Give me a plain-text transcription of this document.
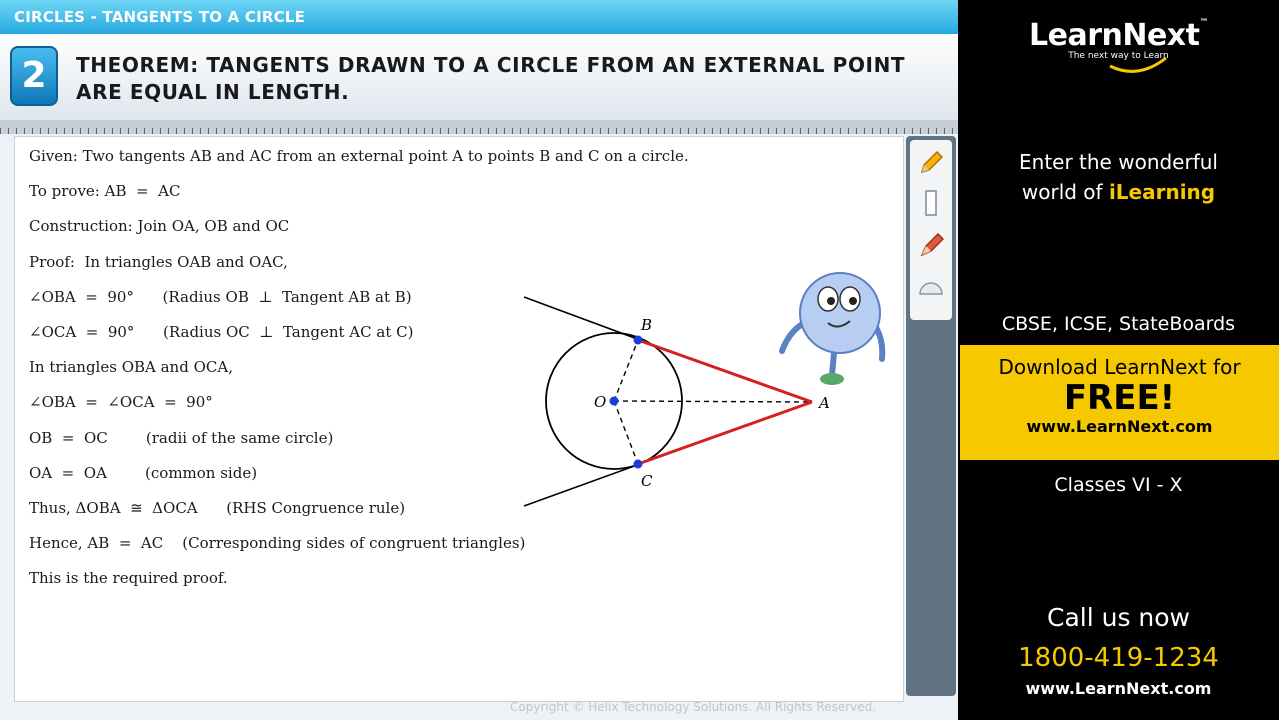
CIRCLES - TANGENTS TO A CIRCLE
2	THEOREM: TANGENTS DRAWN TO A CIRCLE FROM AN EXTERNAL POINT
ARE EQUAL IN LENGTH.
Given: Two tangents AB and AC from an external point A to points B and C on a circle.
To prove: AB  =  AC
Construction: Join OA, OB and OC
Proof:  In triangles OAB and OAC,
∠OBA  =  90°      (Radius OB  ⊥  Tangent AB at B)
∠OCA  =  90°      (Radius OC  ⊥  Tangent AC at C)
In triangles OBA and OCA,
∠OBA  =  ∠OCA  =  90°
OB  =  OC        (radii of the same circle)
OA  =  OA        (common side)
Thus, ΔOBA  ≅  ΔOCA      (RHS Congruence rule)
Hence, AB  =  AC    (Corresponding sides of congruent triangles)
This is the required proof.
O
B
C
A
Copyright © Helix Technology Solutions. All Rights Reserved.
LearnNext™
The next way to Learn
Enter the wonderful
world of iLearning
CBSE, ICSE, StateBoards
Classes VI - X
Call us now
1800-419-1234
www.LearnNext.com
Download LearnNext for
FREE!
www.LearnNext.com
